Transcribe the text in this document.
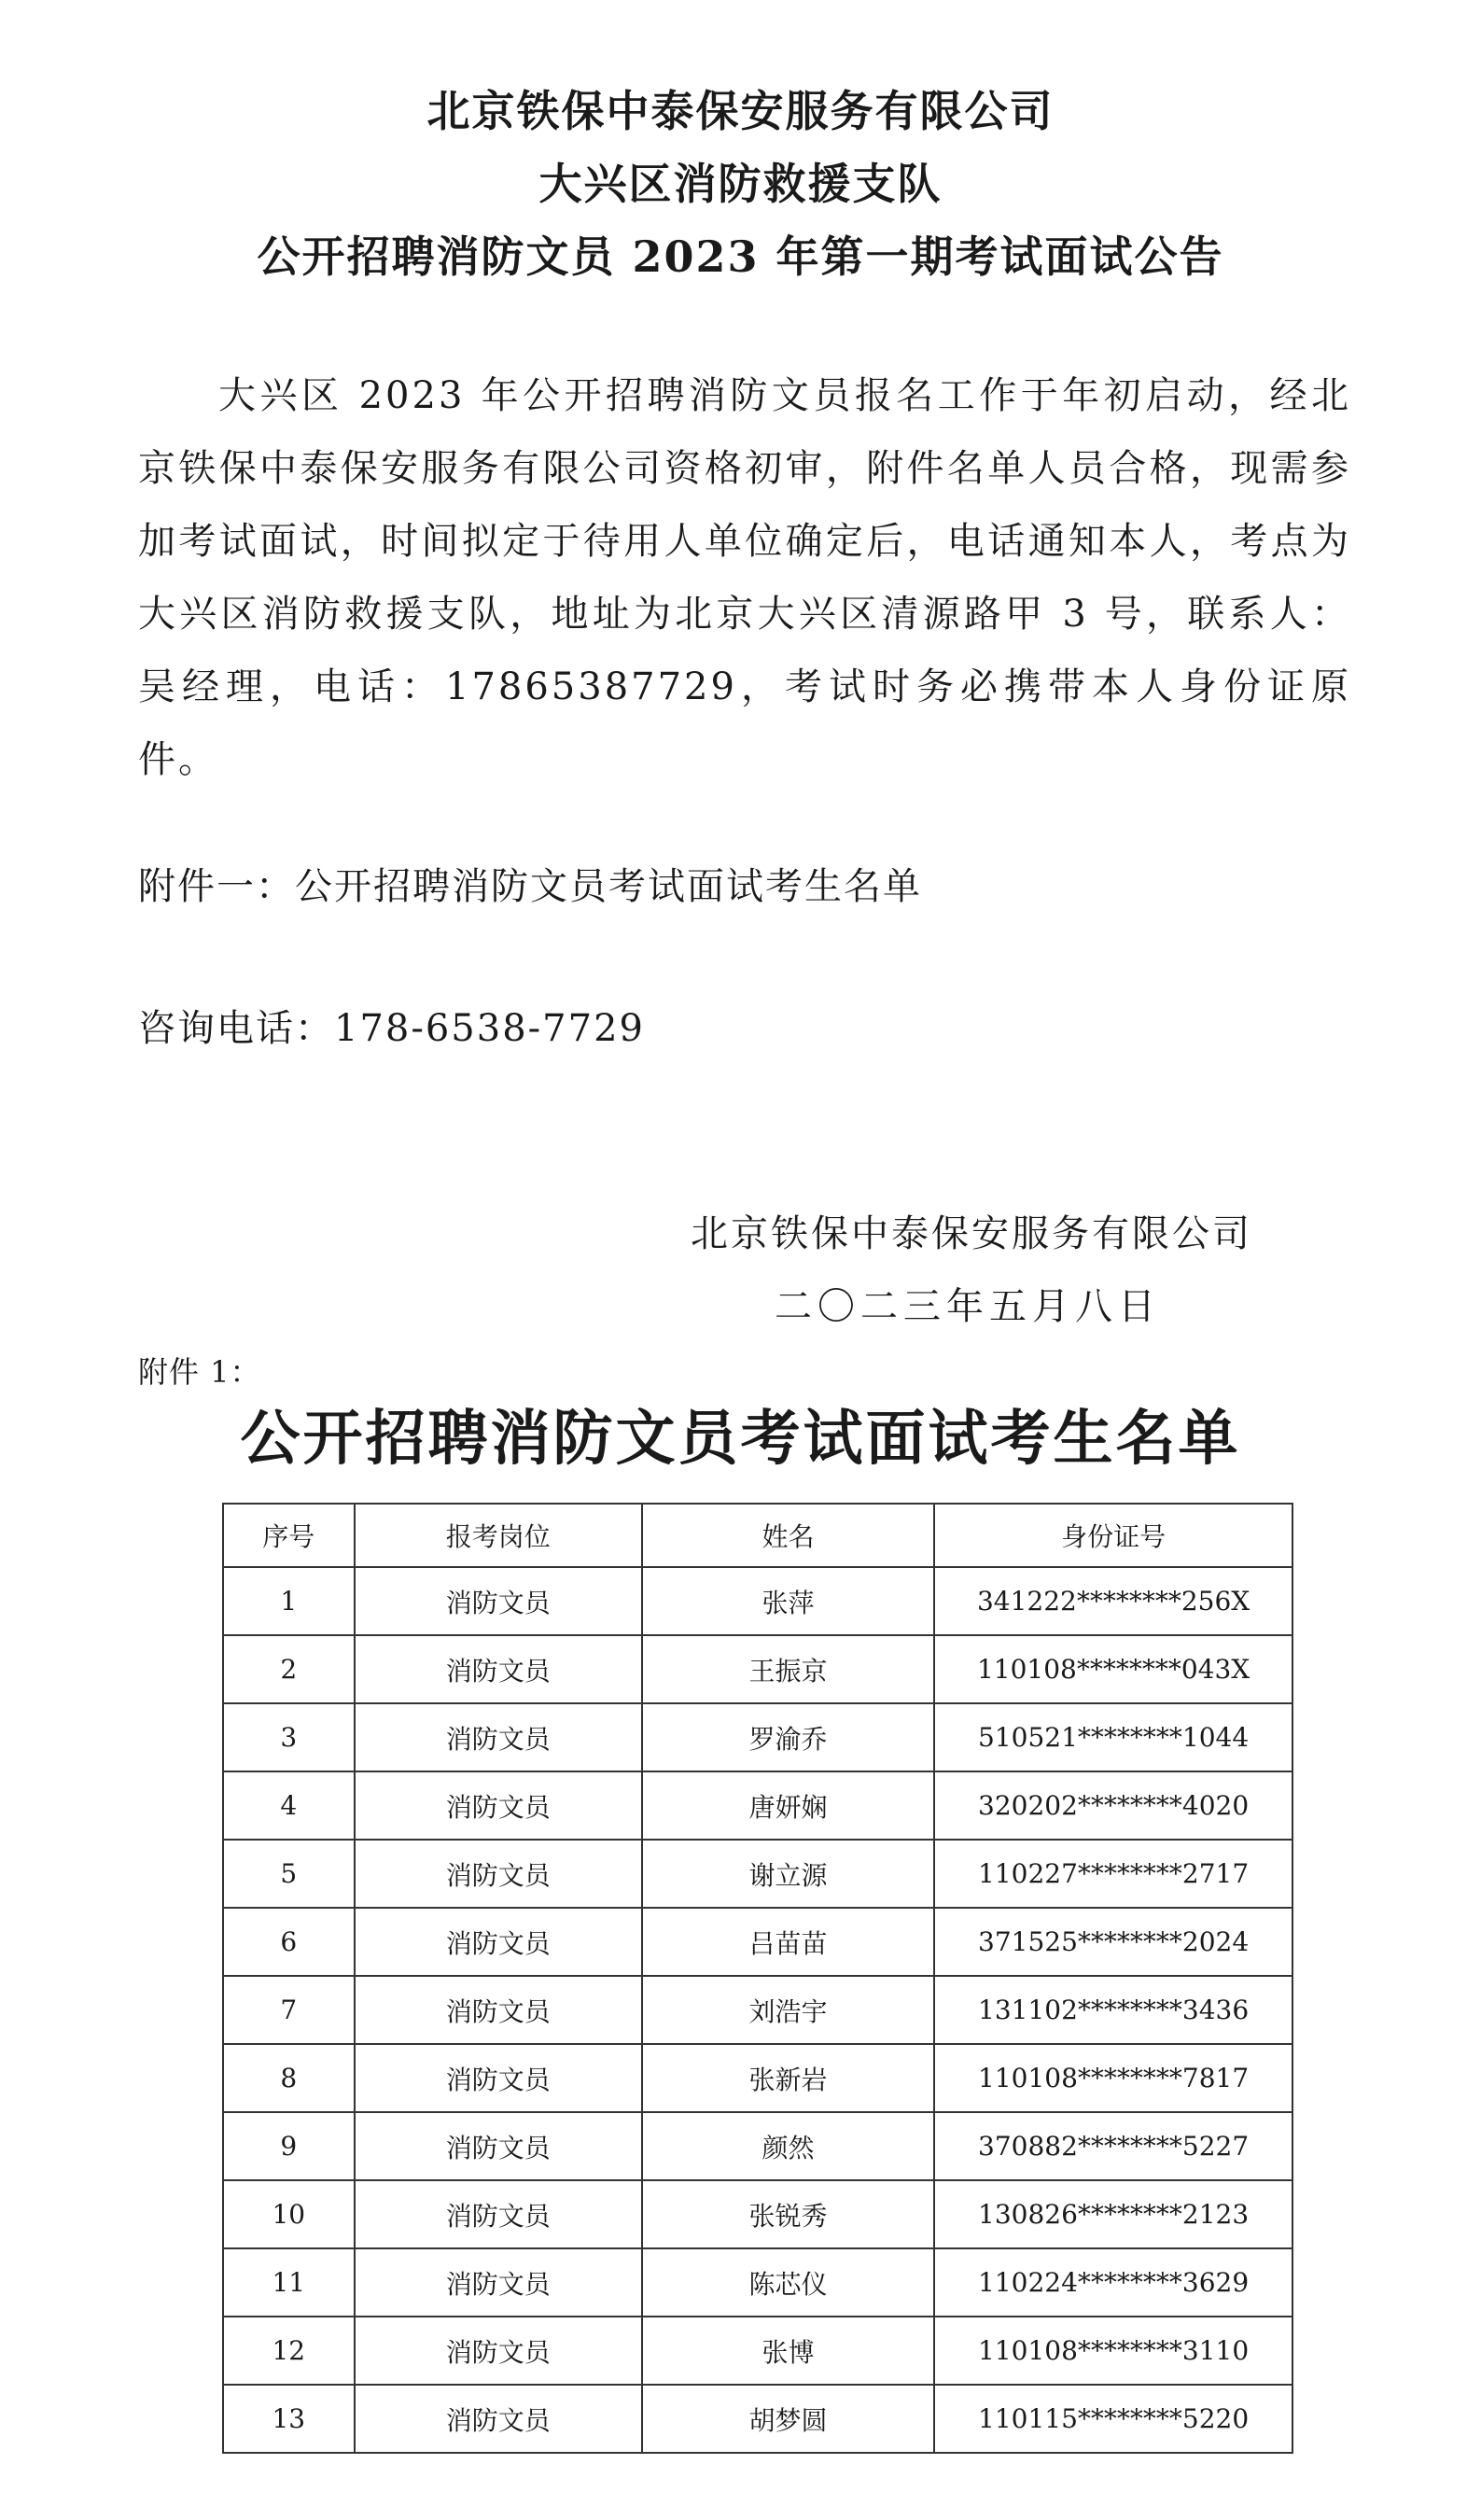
北京铁保中泰保安服务有限公司
大兴区消防救援支队
公开招聘消防文员 2023 年第一期考试面试公告
大兴区 2023 年公开招聘消防文员报名工作于年初启动，经北京铁保中泰保安服务有限公司资格初审，附件名单人员合格，现需参加考试面试，时间拟定于待用人单位确定后，电话通知本人，考点为大兴区消防救援支队，地址为北京大兴区清源路甲 3 号，联系人：吴经理，电话：17865387729，考试时务必携带本人身份证原件。
附件一：公开招聘消防文员考试面试考生名单
咨询电话：178-6538-7729
北京铁保中泰保安服务有限公司
二〇二三年五月八日
附件 1：
公开招聘消防文员考试面试考生名单
序号	报考岗位	姓名	身份证号
1	消防文员	张萍	341222********256X
2	消防文员	王振京	110108********043X
3	消防文员	罗渝乔	510521********1044
4	消防文员	唐妍娴	320202********4020
5	消防文员	谢立源	110227********2717
6	消防文员	吕苗苗	371525********2024
7	消防文员	刘浩宇	131102********3436
8	消防文员	张新岩	110108********7817
9	消防文员	颜然	370882********5227
10	消防文员	张锐秀	130826********2123
11	消防文员	陈芯仪	110224********3629
12	消防文员	张博	110108********3110
13	消防文员	胡梦圆	110115********5220
